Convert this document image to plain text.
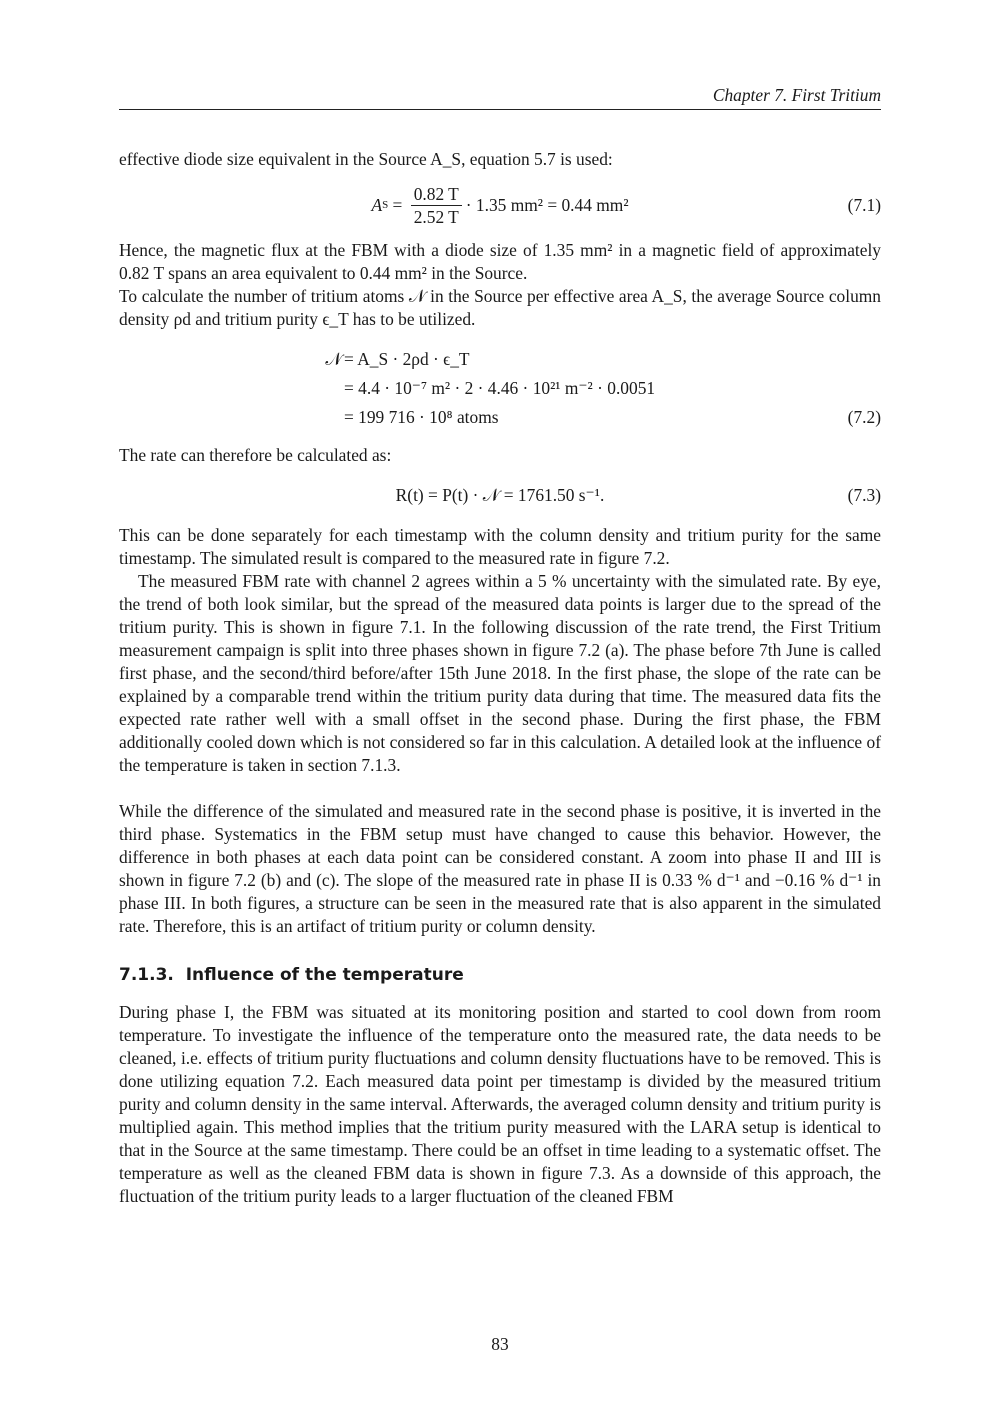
Chapter 7. First Tritium

effective diode size equivalent in the Source A_S, equation 5.7 is used:

A $S = \frac{0.82 T}{2.52 T} \cdot 1.35$ mm² = 0.44 mm²	(7.1)

Hence, the magnetic flux at the FBM with a diode size of 1.35 mm² in a magnetic field of approximately 0.82 T spans an area equivalent to 0.44 mm² in the Source.

To calculate the number of tritium atoms 𝒩 in the Source per effective area A_S, the average Source column density ρd and tritium purity ϵ_T has to be utilized.

𝒩 = A_S · 2ρd · ϵ_T
= 4.4 · 10⁻⁷ m² · 2 · 4.46 · 10²¹ m⁻² · 0.0051
= 199 716 · 10⁸ atoms	(7.2)

The rate can therefore be calculated as:

R(t) = P(t) · 𝒩 = 1761.50 s⁻¹.	(7.3)

This can be done separately for each timestamp with the column density and tritium purity for the same timestamp. The simulated result is compared to the measured rate in figure 7.2.

The measured FBM rate with channel 2 agrees within a 5 % uncertainty with the simulated rate. By eye, the trend of both look similar, but the spread of the measured data points is larger due to the spread of the tritium purity. This is shown in figure 7.1. In the following discussion of the rate trend, the First Tritium measurement campaign is split into three phases shown in figure 7.2 (a). The phase before 7th June is called first phase, and the second/third before/after 15th June 2018. In the first phase, the slope of the rate can be explained by a comparable trend within the tritium purity data during that time. The measured data fits the expected rate rather well with a small offset in the second phase. During the first phase, the FBM additionally cooled down which is not considered so far in this calculation. A detailed look at the influence of the temperature is taken in section 7.1.3.

While the difference of the simulated and measured rate in the second phase is positive, it is inverted in the third phase. Systematics in the FBM setup must have changed to cause this behavior. However, the difference in both phases at each data point can be considered constant. A zoom into phase II and III is shown in figure 7.2 (b) and (c). The slope of the measured rate in phase II is 0.33 % d⁻¹ and −0.16 % d⁻¹ in phase III. In both figures, a structure can be seen in the measured rate that is also apparent in the simulated rate. Therefore, this is an artifact of tritium purity or column density.

7.1.3. Influence of the temperature

During phase I, the FBM was situated at its monitoring position and started to cool down from room temperature. To investigate the influence of the temperature onto the measured rate, the data needs to be cleaned, i.e. effects of tritium purity fluctuations and column density fluctuations have to be removed. This is done utilizing equation 7.2. Each measured data point per timestamp is divided by the measured tritium purity and column density in the same interval. Afterwards, the averaged column density and tritium purity is multiplied again. This method implies that the tritium purity measured with the LARA setup is identical to that in the Source at the same timestamp. There could be an offset in time leading to a systematic offset. The temperature as well as the cleaned FBM data is shown in figure 7.3. As a downside of this approach, the fluctuation of the tritium purity leads to a larger fluctuation of the cleaned FBM

83
